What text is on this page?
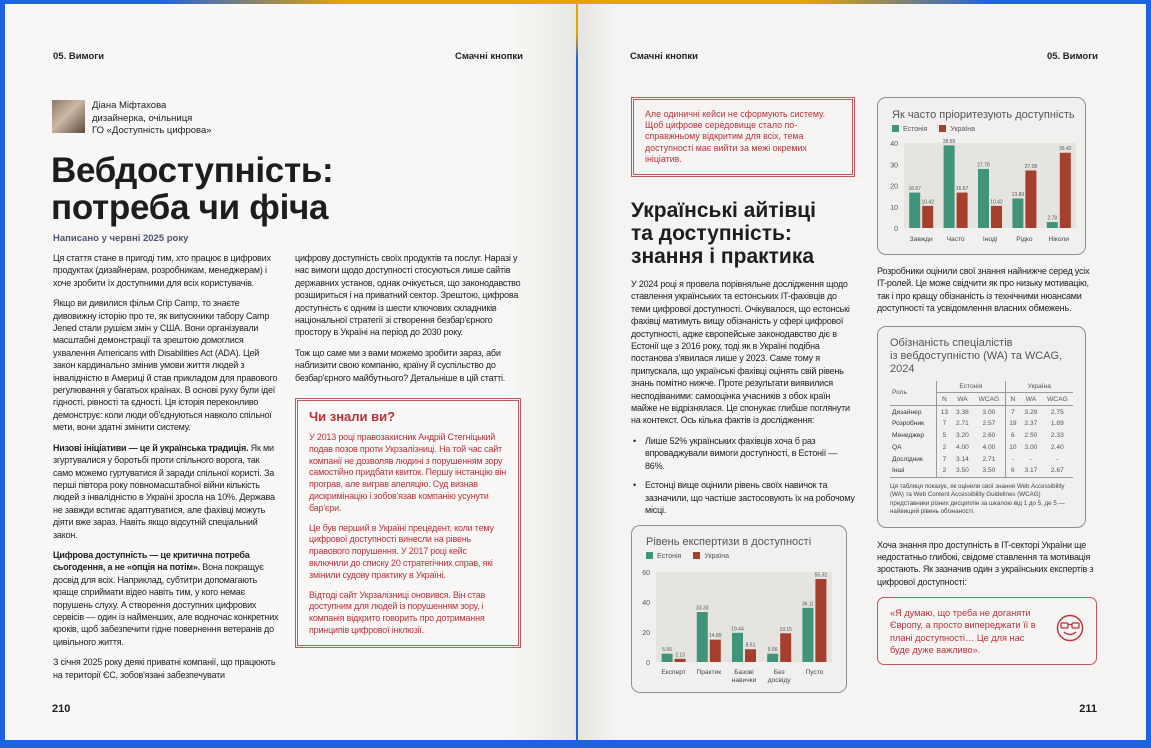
05. Вимоги	Смачні кнопки
Діана Міфтахова
дизайнерка, очільниця
ГО «Доступність цифрова»
Вебдоступність:
потреба чи фіча
Написано у червні 2025 року

Ця стаття стане в пригоді тим, хто працює в цифрових продуктах (дизайнерам, розробникам, менеджерам) і хоче зробити їх доступними для всіх користувачів.

Якщо ви дивилися фільм Crip Camp, то знаєте дивовижну історію про те, як випускники табору Camp Jened стали рушієм змін у США. Вони організували масштабні демонстрації та зрештою домоглися ухвалення Americans with Disabilities Act (ADA). Цей закон кардинально змінив умови життя людей з інвалідністю в Америці й став прикладом для правового регулювання у багатьох країнах. В основі руху були ідеї гідності, рівності та єдності. Ця історія переконливо демонструє: коли люди об'єднуються навколо спільної мети, вони здатні змінити систему.

Низові ініціативи — це й українська традиція. Як ми згуртувалися у боротьбі проти спільного ворога, так само можемо гуртуватися й заради спільної користі. За перші півтора року повномасштабної війни кількість людей з інвалідністю в Україні зросла на 10%. Держава не завжди встигає адаптуватися, але фахівці можуть діяти вже зараз. Навіть якщо відсутній спеціальний закон.

Цифрова доступність — це критична потреба сьогодення, а не «опція на потім». Вона покращує досвід для всіх. Наприклад, субтитри допомагають краще сприймати відео навіть тим, у кого немає порушень слуху. А створення доступних цифрових сервісів — один із найменших, але водночас конкретних кроків, щоб забезпечити гідне повернення ветеранів до цивільного життя.

З січня 2025 року деякі приватні компанії, що працюють на території ЄС, зобов'язані забезпечувати

цифрову доступність своїх продуктів та послуг. Наразі у нас вимоги щодо доступності стосуються лише сайтів державних установ, однак очікується, що законодавство розшириться і на приватний сектор. Зрештою, цифрова доступність є одним із шести ключових складників національної стратегії зі створення безбар'єрного простору в Україні на період до 2030 року.

Тож що саме ми з вами можемо зробити зараз, аби наблизити свою компанію, країну й суспільство до безбар'єрного майбутнього? Детальніше в цій статті.

Чи знали ви?

У 2013 році правозахисник Андрій Стегніцький подав позов проти Укрзалізниці. На той час сайт компанії не дозволяв людині з порушенням зору самостійно придбати квиток. Першу інстанцію він програв, але виграв апеляцію. Суд визнав дискримінацію і зобов'язав компанію усунути бар'єри.

Це був перший в Україні прецедент, коли тему цифрової доступності винесли на рівень правового порушення. У 2017 році кейс включили до списку 20 стратегічних справ, які змінили судову практику в Україні.

Відтоді сайт Укрзалізниці оновився. Він став доступним для людей із порушенням зору, і компанія відкрито говорить про дотримання принципів цифрової інклюзії.

210
Смачні кнопки	05. Вимоги
Але одиничні кейси не сформують систему. Щоб цифрове середовище стало по-справжньому відкритим для всіх, тема доступності має вийти за межі окремих ініціатив.
Українські айтівці
та доступність:
знання і практика

У 2024 році я провела порівняльне дослідження щодо ставлення українських та естонських IT-фахівців до теми цифрової доступності. Очікувалося, що естонські фахівці матимуть вищу обізнаність у сфері цифрової доступності, адже європейське законодавство діє в Естонії ще з 2016 року, тоді як в Україні подібна постанова з'явилася лише у 2023. Саме тому я припускала, що українські фахівці оцінять свій рівень знань помітно нижче. Проте результати виявилися несподіваними: самооцінка учасників з обох країн майже не відрізнялася. Це спонукає глибше поглянути на контекст. Ось кілька фактів із дослідження:

• Лише 52% українських фахівців хоча б раз впроваджували вимоги доступності, в Естонії — 86%.
• Естонці вище оцінили рівень своїх навичок та зазначили, що частіше застосовують їх на робочому місці.
Рівень експертизи в доступності
Естонія	Україна
0
20
40
60
5.56
2.13
Експерт
33.33
14.89
Практик
19.44
8.51
Базові
навички
5.56
19.15
Без
досвіду
36.11
55.32
Пусто
Як часто пріоритезують доступність
Естонія	Україна
0
10
20
30
40
16.67
10.42
Завжди
38.89
16.67
Часто
27.78
10.42
Іноді
13.89
27.08
Рідко
2.78
35.42
Ніколи
Розробники оцінили свої знання найнижче серед усіх IT-ролей. Це може свідчити як про низьку мотивацію, так і про кращу обізнаність із технічними нюансами доступності та усвідомлення власних обмежень.
Обізнаність спеціалістів
із вебдоступністю (WA) та WCAG, 2024
Роль	Естонія			Україна		
	N	WA	WCAG	N	WA	WCAG
Дизайнер	13	3.38	3.00	7	3.29	2.75
Розробник	7	2.71	2.57	19	2.37	1.89
Менеджер	5	3.20	2.60	6	2.50	2.33
QA	2	4.00	4.00	10	3.00	2.40
Дослідник	7	3.14	2.71	-	-	-
Інші	2	3.50	3.50	6	3.17	2.67

Ця таблиця показує, як оцінили свої знання Web Accessibility (WA) та Web Content Accessibility Guidelines (WCAG) представники різних дисциплін за шкалою від 1 до 5, де 5 — найвищий рівень обізнаності.
Хоча знання про доступність в IT-секторі України ще недостатньо глибокі, свідоме ставлення та мотивація зростають. Як зазначив один з українських експертів з цифрової доступності:
«Я думаю, що треба не доганяти Європу, а просто випереджати її в плані доступності… Це для нас буде дуже важливо».
211
